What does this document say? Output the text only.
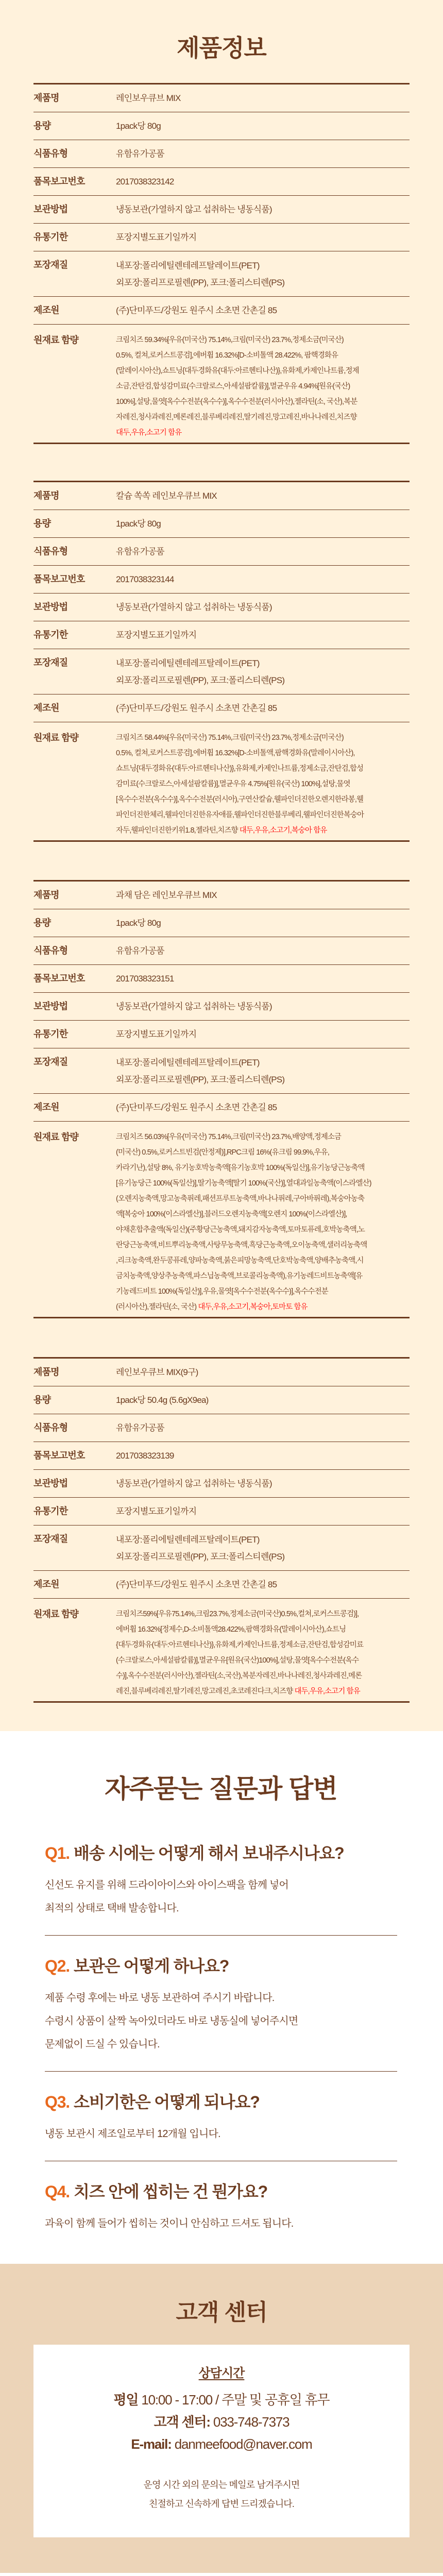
제품정보
제품명	레인보우큐브 MIX
용량	1pack당 80g
식품유형	유함유가공품
품목보고번호	2017038323142
보관방법	냉동보관(가열하지 않고 섭취하는 냉동식품)
유통기한	포장지별도표기일까지
포장재질	내포장:폴리에틸렌테레프탈레이트(PET)
외포장:폴리프로필렌(PP), 포크:폴리스티렌(PS)
제조원	(주)단미푸드/강원도 원주시 소초면 간촌길 85
원재료 함량	크림치즈 59.34%[우유(미국산) 75.14%,크림(미국산) 23.7%,정제소금(미국산)
0.5%, 컬쳐,로커스트콩검],에버휩 16.32%[D-소비톨액 28.422%, 팜핵경화유
(말레이시아산),쇼트닝{대두경화유(대두:아르헨티나산)},유화제,카제인나트륨,정제
소금,잔탄검,합성감미료(수크랄로스,아세설팜칼륨)],멸균우유 4.94%[원유(국산)
100%],설탕,물엿[옥수수전분(옥수수)],옥수수전분(러시아산),젤라틴(소, 국산),복분
자레진,청사과레진,메론레진,블루베리레진,딸기레진,망고레진,바나나레진,치즈향
대두,우유,소고기 함유
제품명	칼슘 쏙쏙 레인보우큐브 MIX
용량	1pack당 80g
식품유형	유함유가공품
품목보고번호	2017038323144
보관방법	냉동보관(가열하지 않고 섭취하는 냉동식품)
유통기한	포장지별도표기일까지
포장재질	내포장:폴리에틸렌테레프탈레이트(PET)
외포장:폴리프로필렌(PP), 포크:폴리스티렌(PS)
제조원	(주)단미푸드/강원도 원주시 소초면 간촌길 85
원재료 함량	크림치즈 58.44%[우유(미국산) 75.14%,크림(미국산) 23.7%,정제소금(미국산)
0.5%, 컬쳐,로커스트콩검],에버휩 16.32%[D-소비톨액,팜핵경화유(말레이시아산),
쇼트닝{대두경화유(대두:아르헨티나산)},유화제,카제인나트륨,정제소금,잔탄검,합성
감미료(수크랄로스,아세설팜칼륨)],멸균우유 4.75%[원유(국산) 100%],설탕,물엿
[옥수수전분(옥수수)],옥수수전분(러시아),구연산칼슘,웰파인더진한오렌지한라봉,웰
파인더진한체리,웰파인더진한유자애플,웰파인더진한블루베리,웰파인더진한복숭아
자두,웰파인더진한키위1.8,젤라틴,치즈향 대두,우유,소고기,복숭아 함유
제품명	과채 담은 레인보우큐브 MIX
용량	1pack당 80g
식품유형	유함유가공품
품목보고번호	2017038323151
보관방법	냉동보관(가열하지 않고 섭취하는 냉동식품)
유통기한	포장지별도표기일까지
포장재질	내포장:폴리에틸렌테레프탈레이트(PET)
외포장:폴리프로필렌(PP), 포크:폴리스티렌(PS)
제조원	(주)단미푸드/강원도 원주시 소초면 간촌길 85
원재료 함량	크림치즈 56.03%[우유(미국산) 75.14%,크림(미국산) 23.7%,배양액,정제소금
(미국산) 0.5%,로커스트빈검(안정제)],RPC크림 16%(유크림 99.9%,우유,
카라기난),설탕 8%, 유기농호박농축액[유기농호박 100%(독일산)],유기농당근농축액
[유기농당근 100%(독일산)],딸기농축액[딸기 100%(국산)],열대과일농축액(이스라엘산)
(오렌지농축액,망고농축퓌레,패션프루트농축액,바나나퓌레,구아바퓌레),복숭아농축
액[복숭아 100%(이스라엘산)],블러드오렌지농축액[오렌지 100%(이스라엘산)],
야채혼합추출액(독일산)(주황당근농축액,돼지감자농축액,토마토퓨레,호박농축액,노
란당근농축액,비트뿌리농축액,사탕무농축액,흑당근농축액,오이농축액,샐러리농축액
,리크농축액,완두콩퓨레,양파농축액,붉은피망농축액,단호박농축액,양배추농축액,시
금치농축액,양상추농축액,파스닙농축액,브로콜리농축액),유기농레드비트농축액[유
기농레드비트 100%(독일산)],우유,물엿[옥수수전분(옥수수)],옥수수전분
(러시아산),젤라틴(소, 국산) 대두,우유,소고기,복숭아,토마토 함유
제품명	레인보우큐브 MIX(9구)
용량	1pack당 50.4g (5.6gX9ea)
식품유형	유함유가공품
품목보고번호	2017038323139
보관방법	냉동보관(가열하지 않고 섭취하는 냉동식품)
유통기한	포장지별도표기일까지
포장재질	내포장:폴리에틸렌테레프탈레이트(PET)
외포장:폴리프로필렌(PP), 포크:폴리스티렌(PS)
제조원	(주)단미푸드/강원도 원주시 소초면 간촌길 85
원재료 함량	크림치즈59%[우유75.14%,크림23.7%,정제소금(미국산)0.5%,컬쳐,로커스트콩검)],
에버휩 16.32%[정제수,D-소비톨액28.422%,팜핵경화유(말레이시아산),쇼트닝
{대두경화유(대두:아르헨티나산)},유화제,카제인나트륨,정제소금,잔탄검,합성감미료
(수크랄로스,아세설팜칼륨)],멸균우유[원유(국산)100%],설탕,물엿[옥수수전분(옥수
수)],옥수수전분(러시아산),젤라틴(소,국산),복분자레진,바나나레진,청사과레진,메론
레진,블루베리레진,딸기레진,망고레진,초코레진다크,치즈향 대두,우유,소고기 함유
자주묻는 질문과 답변
Q1. 배송 시에는 어떻게 해서 보내주시나요?
신선도 유지를 위해 드라이아이스와 아이스팩을 함께 넣어
최적의 상태로 택배 발송합니다.
Q2. 보관은 어떻게 하나요?
제품 수령 후에는 바로 냉동 보관하여 주시기 바랍니다.
수령시 상품이 살짝 녹아있더라도 바로 냉동실에 넣어주시면
문제없이 드실 수 있습니다.
Q3. 소비기한은 어떻게 되나요?
냉동 보관시 제조일로부터 12개월 입니다.
Q4. 치즈 안에 씹히는 건 뭔가요?
과육이 함께 들어가 씹히는 것이니 안심하고 드셔도 됩니다.
고객 센터
상담시간
평일 10:00 - 17:00 / 주말 및 공휴일 휴무
고객 센터: 033-748-7373
E-mail: danmeefood@naver.com
운영 시간 외의 문의는 메일로 남겨주시면
친절하고 신속하게 답변 드리겠습니다.
